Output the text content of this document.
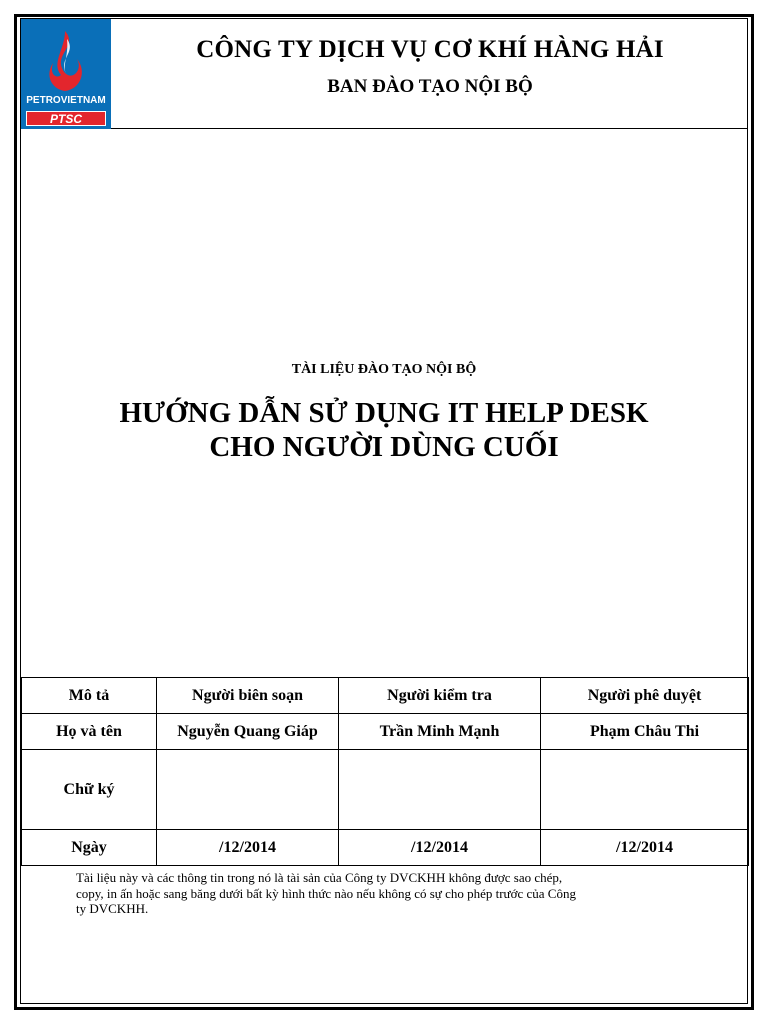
PETROVIETNAM
PTSC
CÔNG TY DỊCH VỤ CƠ KHÍ HÀNG HẢI
BAN ĐÀO TẠO NỘI BỘ
TÀI LIỆU ĐÀO TẠO NỘI BỘ
HƯỚNG DẪN SỬ DỤNG IT HELP DESK
CHO NGƯỜI DÙNG CUỐI
Mô tả	Người biên soạn	Người kiểm tra	Người phê duyệt
Họ và tên	Nguyễn Quang Giáp	Trần Minh Mạnh	Phạm Châu Thi
Chữ ký			
Ngày	/12/2014	/12/2014	/12/2014
Tài liệu này và các thông tin trong nó là tài sản của Công ty DVCKHH không được sao chép,
copy, in ấn hoặc sang băng dưới bất kỳ hình thức nào nếu không có sự cho phép trước của Công
ty DVCKHH.
